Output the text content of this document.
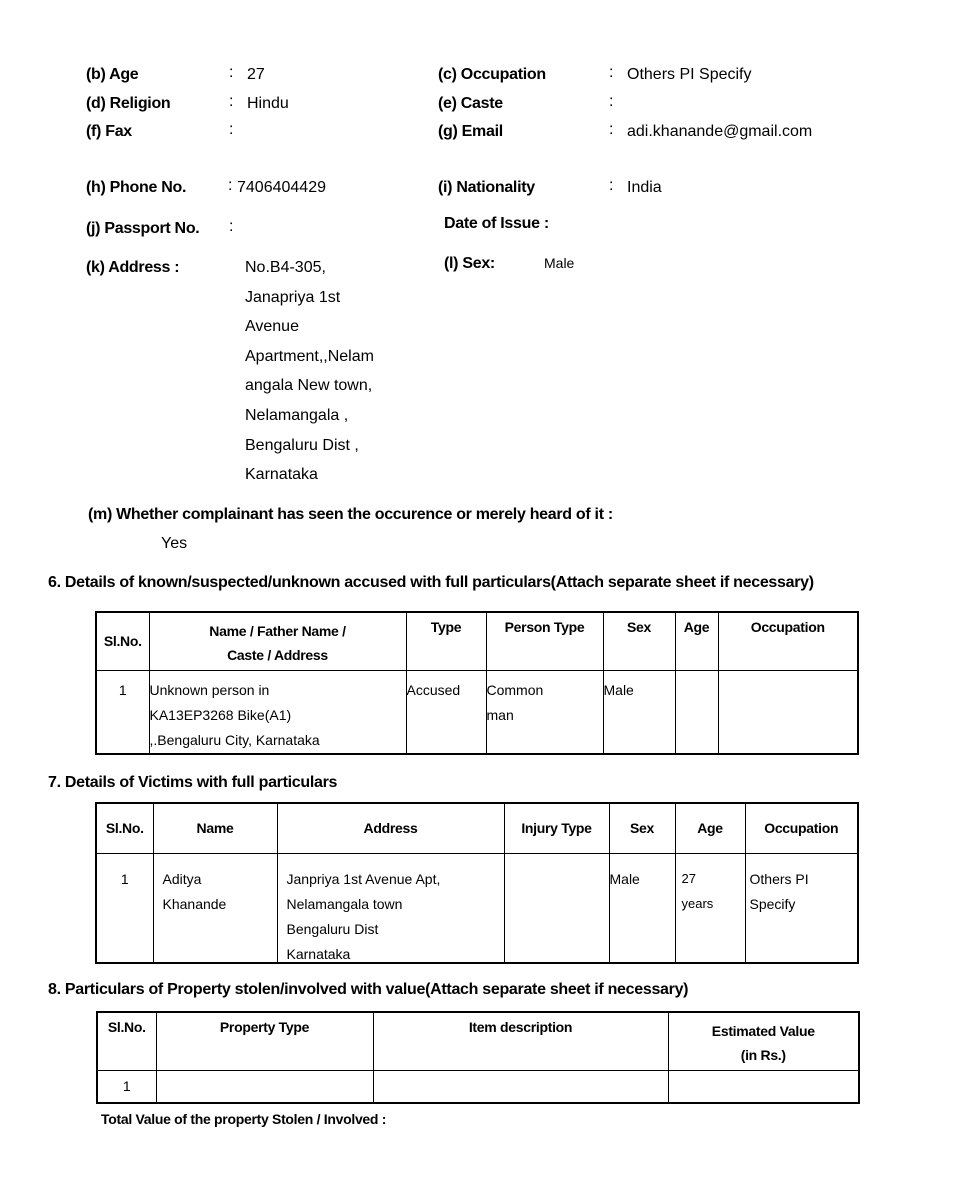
(b) Age	: 27	(c) Occupation	: Others PI Specify
(d) Religion	: Hindu	(e) Caste	:
(f) Fax	:	(g) Email	: adi.khanande@gmail.com
(h) Phone No.	: 7406404429	(i) Nationality	: India
(j) Passport No. :	Date of Issue :
(k) Address :	No.B4-305,
Janapriya 1st
Avenue
Apartment,,Nelam
angala New town,
Nelamangala ,
Bengaluru Dist ,
Karnataka
(l) Sex:	Male
(m) Whether complainant has seen the occurence or merely heard of it :
Yes
6. Details of known/suspected/unknown accused with full particulars(Attach separate sheet if necessary)
Sl.No.	Name / Father Name /
Caste / Address	Type	Person Type	Sex	Age	Occupation

1	Unknown person in
KA13EP3268 Bike(A1)
,.Bengaluru City, Karnataka	Accused	Common
man	Male		
7. Details of Victims with full particulars
Sl.No.	Name	Address	Injury Type	Sex	Age	Occupation

1	Aditya
Khanande	Janpriya 1st Avenue Apt,
Nelamangala town
Bengaluru Dist
Karnataka		Male	27
years	Others PI
Specify
8. Particulars of Property stolen/involved with value(Attach separate sheet if necessary)
Sl.No.	Property Type	Item description	Estimated Value
(in Rs.)

1			
Total Value of the property Stolen / Involved :
